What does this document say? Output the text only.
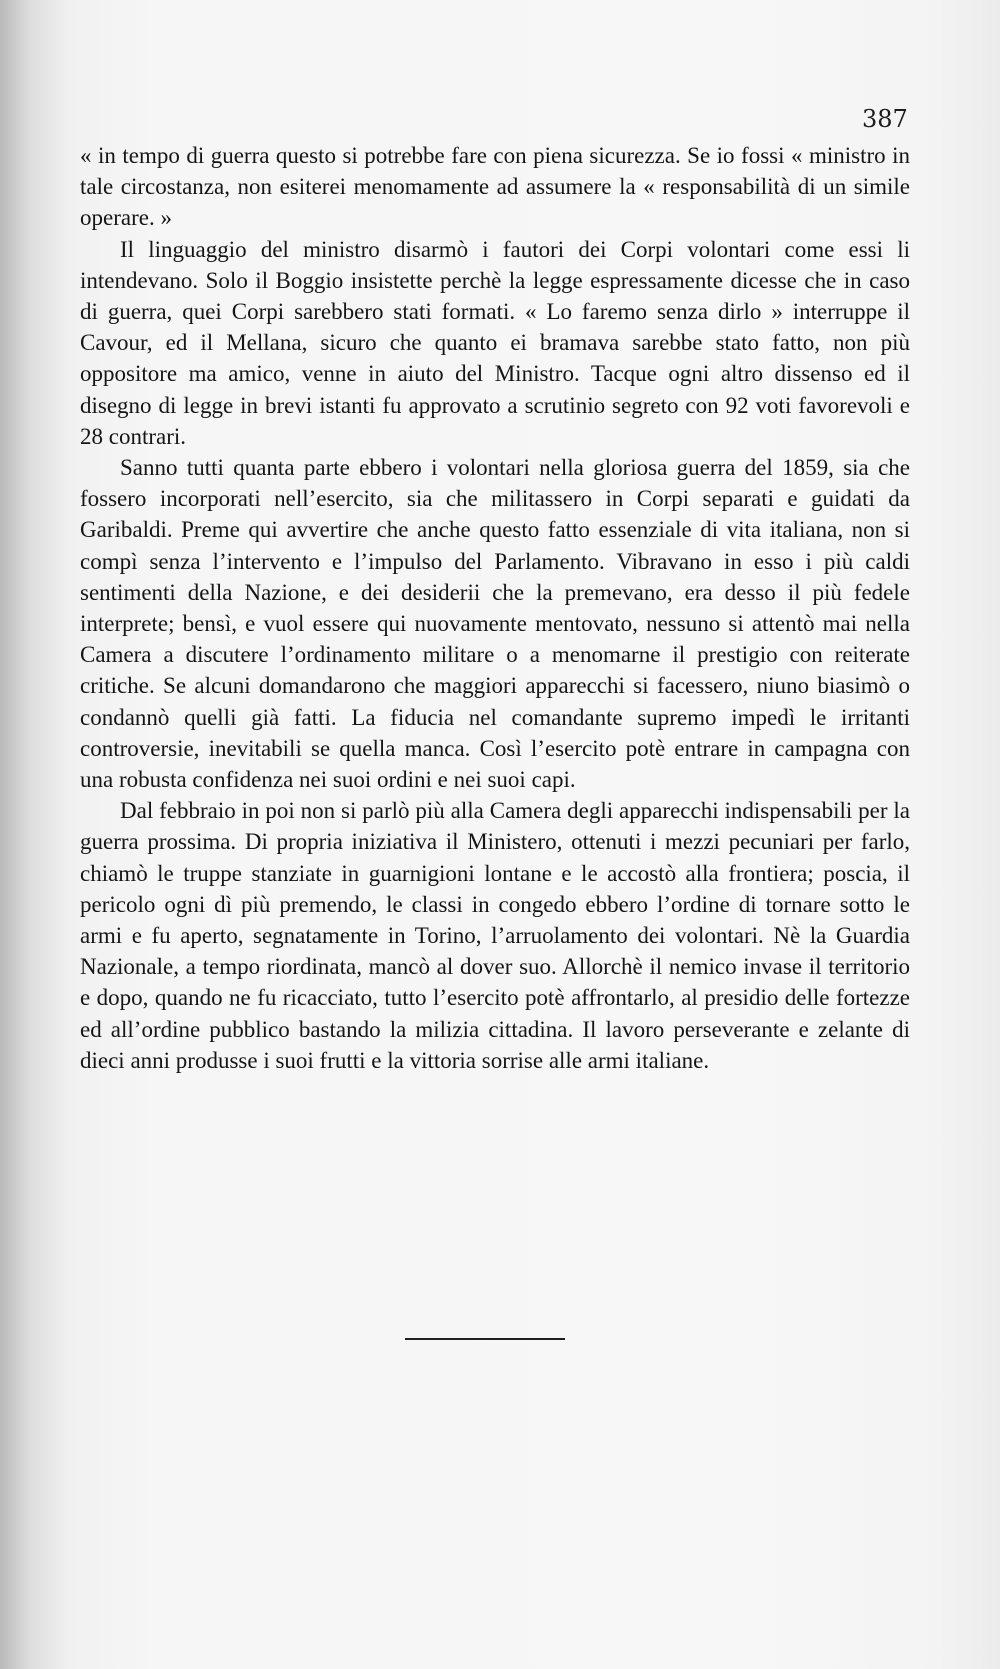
387

« in tempo di guerra questo si potrebbe fare con piena sicurezza. Se io fossi « ministro in tale circostanza, non esiterei menomamente ad assumere la « responsabilità di un simile operare. »

Il linguaggio del ministro disarmò i fautori dei Corpi volontari come essi li intendevano. Solo il Boggio insistette perchè la legge espressamente dicesse che in caso di guerra, quei Corpi sarebbero stati formati. « Lo faremo senza dirlo » interruppe il Cavour, ed il Mellana, sicuro che quanto ei bramava sarebbe stato fatto, non più oppositore ma amico, venne in aiuto del Ministro. Tacque ogni altro dissenso ed il disegno di legge in brevi istanti fu approvato a scrutinio segreto con 92 voti favorevoli e 28 contrari.

Sanno tutti quanta parte ebbero i volontari nella gloriosa guerra del 1859, sia che fossero incorporati nell’esercito, sia che militassero in Corpi separati e guidati da Garibaldi. Preme qui avvertire che anche questo fatto essenziale di vita italiana, non si compì senza l’intervento e l’impulso del Parlamento. Vibravano in esso i più caldi sentimenti della Nazione, e dei desiderii che la premevano, era desso il più fedele interprete; bensì, e vuol essere qui nuovamente mentovato, nessuno si attentò mai nella Camera a discutere l’ordinamento militare o a menomarne il prestigio con reiterate critiche. Se alcuni domandarono che maggiori apparecchi si facessero, niuno biasimò o condannò quelli già fatti. La fiducia nel comandante supremo impedì le irritanti controversie, inevitabili se quella manca. Così l’esercito potè entrare in campagna con una robusta confidenza nei suoi ordini e nei suoi capi.

Dal febbraio in poi non si parlò più alla Camera degli apparecchi indispensabili per la guerra prossima. Di propria iniziativa il Ministero, ottenuti i mezzi pecuniari per farlo, chiamò le truppe stanziate in guarnigioni lontane e le accostò alla frontiera; poscia, il pericolo ogni dì più premendo, le classi in congedo ebbero l’ordine di tornare sotto le armi e fu aperto, segnatamente in Torino, l’arruolamento dei volontari. Nè la Guardia Nazionale, a tempo riordinata, mancò al dover suo. Allorchè il nemico invase il territorio e dopo, quando ne fu ricacciato, tutto l’esercito potè affrontarlo, al presidio delle fortezze ed all’ordine pubblico bastando la milizia cittadina. Il lavoro perseverante e zelante di dieci anni produsse i suoi frutti e la vittoria sorrise alle armi italiane.
